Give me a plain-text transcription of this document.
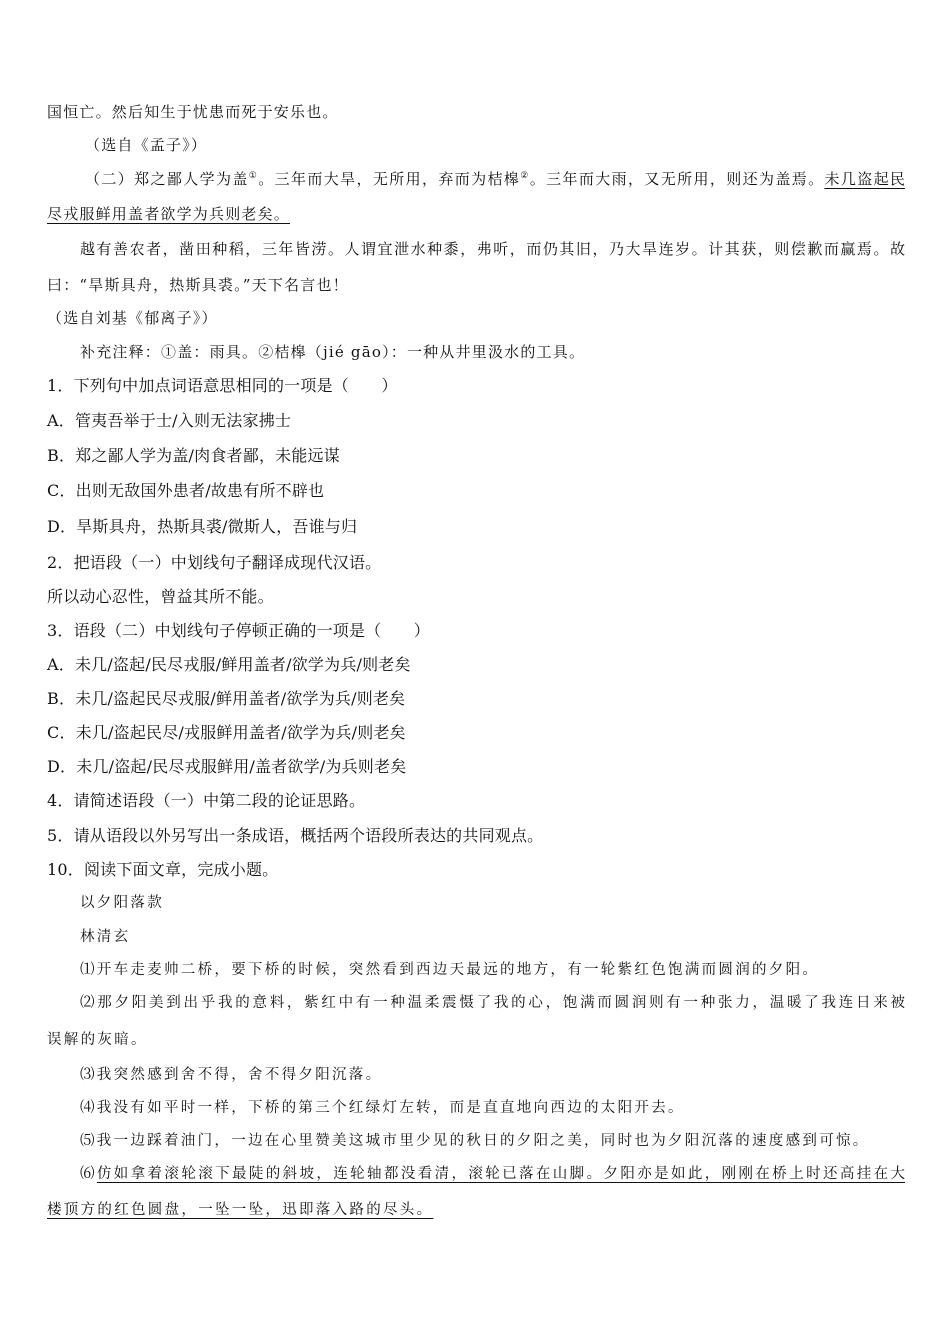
国恒亡。然后知生于忧患而死于安乐也。
（选自《孟子》）
（二）郑之鄙人学为盖①。三年而大旱，无所用，弃而为桔槔②。三年而大雨，又无所用，则还为盖焉。未几盗起民
尽戎服鲜用盖者欲学为兵则老矣。
越有善农者，凿田种稻，三年皆涝。人谓宜泄水种黍，弗听，而仍其旧，乃大旱连岁。计其获，则偿歉而赢焉。故
曰：“旱斯具舟，热斯具裘。”天下名言也！
（选自刘基《郁离子》）
补充注释：①盖：雨具。②桔槔（jié gāo）：一种从井里汲水的工具。
1．下列句中加点词语意思相同的一项是（　　）
A．管夷吾举于士/入则无法家拂士
B．郑之鄙人学为盖/肉食者鄙，未能远谋
C．出则无敌国外患者/故患有所不辟也
D．旱斯具舟，热斯具裘/微斯人，吾谁与归
2．把语段（一）中划线句子翻译成现代汉语。
所以动心忍性，曾益其所不能。
3．语段（二）中划线句子停顿正确的一项是（　　）
A．未几/盗起/民尽戎服/鲜用盖者/欲学为兵/则老矣
B．未几/盗起民尽戎服/鲜用盖者/欲学为兵/则老矣
C．未几/盗起民尽/戎服鲜用盖者/欲学为兵/则老矣
D．未几/盗起/民尽戎服鲜用/盖者欲学/为兵则老矣
4．请简述语段（一）中第二段的论证思路。
5．请从语段以外另写出一条成语，概括两个语段所表达的共同观点。
10．阅读下面文章，完成小题。
以夕阳落款
林清玄
⑴开车走麦帅二桥，要下桥的时候，突然看到西边天最远的地方，有一轮紫红色饱满而圆润的夕阳。
⑵那夕阳美到出乎我的意料，紫红中有一种温柔震慑了我的心，饱满而圆润则有一种张力，温暖了我连日来被
误解的灰暗。
⑶我突然感到舍不得，舍不得夕阳沉落。
⑷我没有如平时一样，下桥的第三个红绿灯左转，而是直直地向西边的太阳开去。
⑸我一边踩着油门，一边在心里赞美这城市里少见的秋日的夕阳之美，同时也为夕阳沉落的速度感到可惊。
⑹仿如拿着滚轮滚下最陡的斜坡，连轮轴都没看清，滚轮已落在山脚。夕阳亦是如此，刚刚在桥上时还高挂在大
楼顶方的红色圆盘，一坠一坠，迅即落入路的尽头。
